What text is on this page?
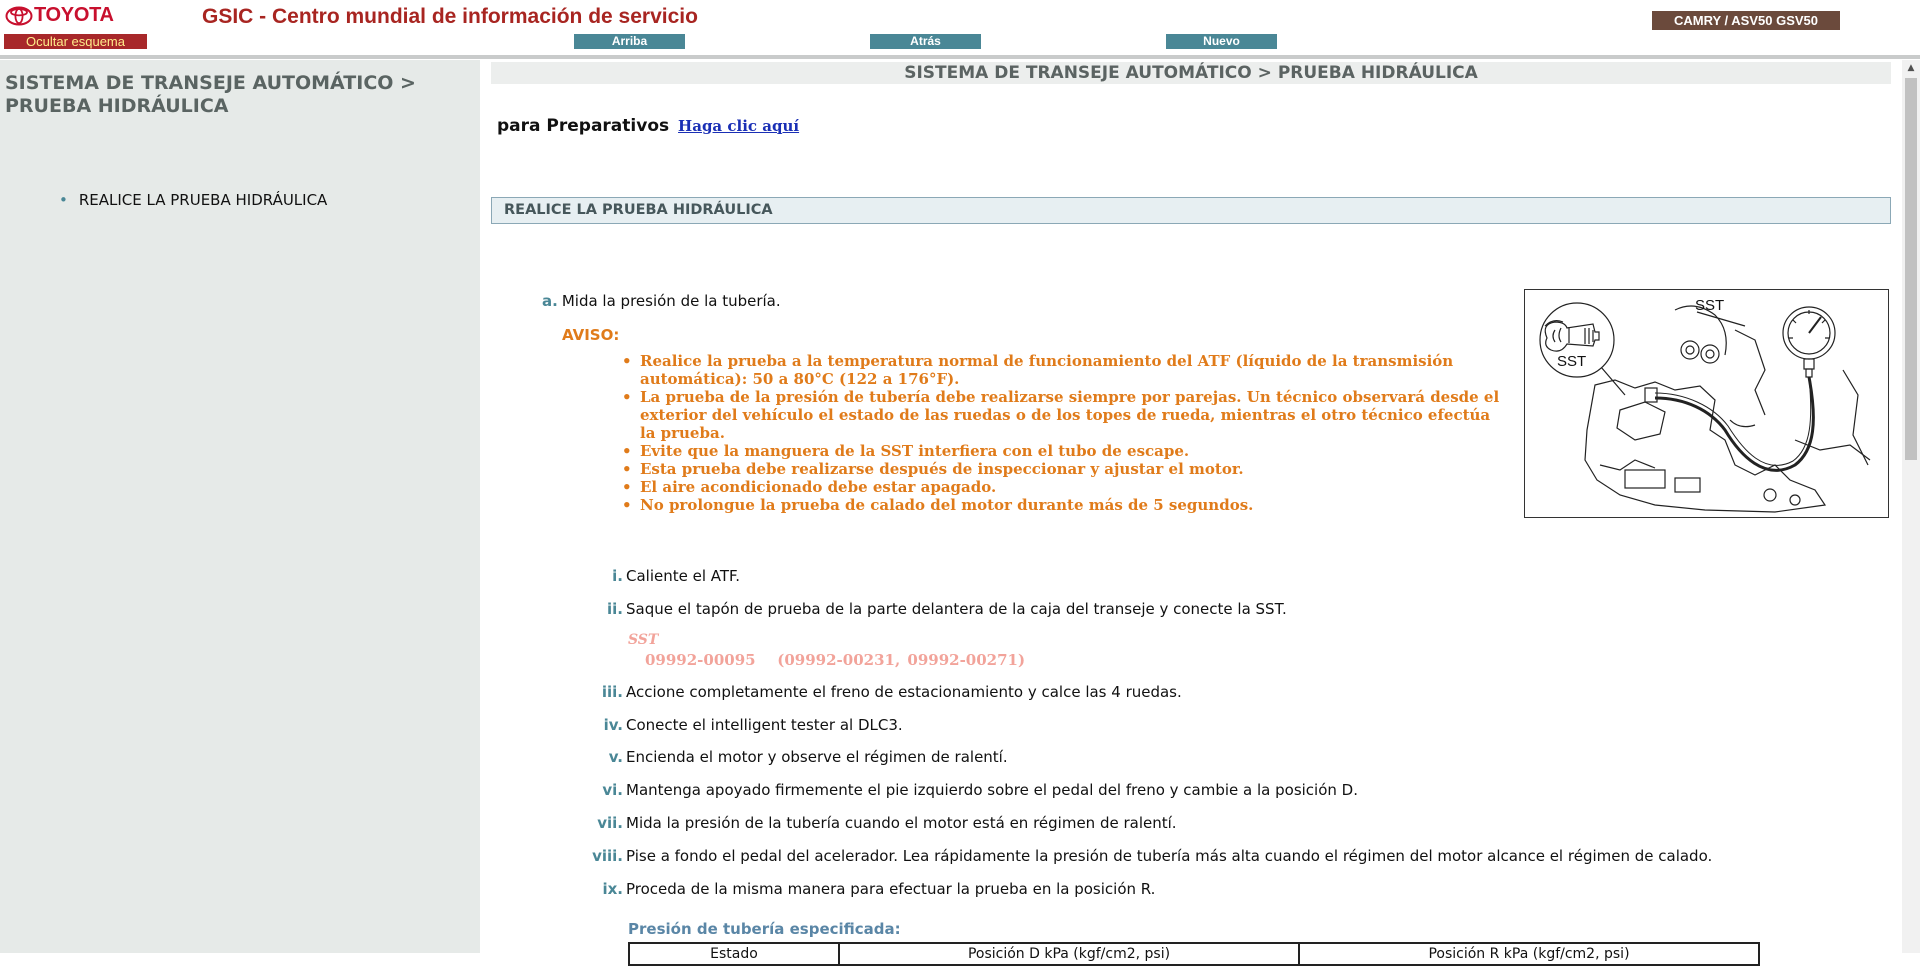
TOYOTA	GSIC - Centro mundial de información de servicio	CAMRY / ASV50 GSV50
Ocultar esquema	Arriba	Atrás	Nuevo
SISTEMA DE TRANSEJE AUTOMÁTICO > PRUEBA HIDRÁULICA
• REALICE LA PRUEBA HIDRÁULICA
SISTEMA DE TRANSEJE AUTOMÁTICO > PRUEBA HIDRÁULICA
para Preparativos Haga clic aquí
REALICE LA PRUEBA HIDRÁULICA
a. Mida la presión de la tubería.
AVISO:
• Realice la prueba a la temperatura normal de funcionamiento del ATF (líquido de la transmisión automática): 50 a 80°C (122 a 176°F).
• La prueba de la presión de tubería debe realizarse siempre por parejas. Un técnico observará desde el exterior del vehículo el estado de las ruedas o de los topes de rueda, mientras el otro técnico efectúa la prueba.
• Evite que la manguera de la SST interfiera con el tubo de escape.
• Esta prueba debe realizarse después de inspeccionar y ajustar el motor.
• El aire acondicionado debe estar apagado.
• No prolongue la prueba de calado del motor durante más de 5 segundos.
SST
SST
i. Caliente el ATF.
ii. Saque el tapón de prueba de la parte delantera de la caja del transeje y conecte la SST.
iii. Accione completamente el freno de estacionamiento y calce las 4 ruedas.
iv. Conecte el intelligent tester al DLC3.
v. Encienda el motor y observe el régimen de ralentí.
vi. Mantenga apoyado firmemente el pie izquierdo sobre el pedal del freno y cambie a la posición D.
vii. Mida la presión de la tubería cuando el motor está en régimen de ralentí.
viii. Pise a fondo el pedal del acelerador. Lea rápidamente la presión de tubería más alta cuando el régimen del motor alcance el régimen de calado.
ix. Proceda de la misma manera para efectuar la prueba en la posición R.
SST
09992-00095   (09992-00231, 09992-00271)
Presión de tubería especificada:
Estado	Posición D kPa (kgf/cm2, psi)	Posición R kPa (kgf/cm2, psi)
▲
